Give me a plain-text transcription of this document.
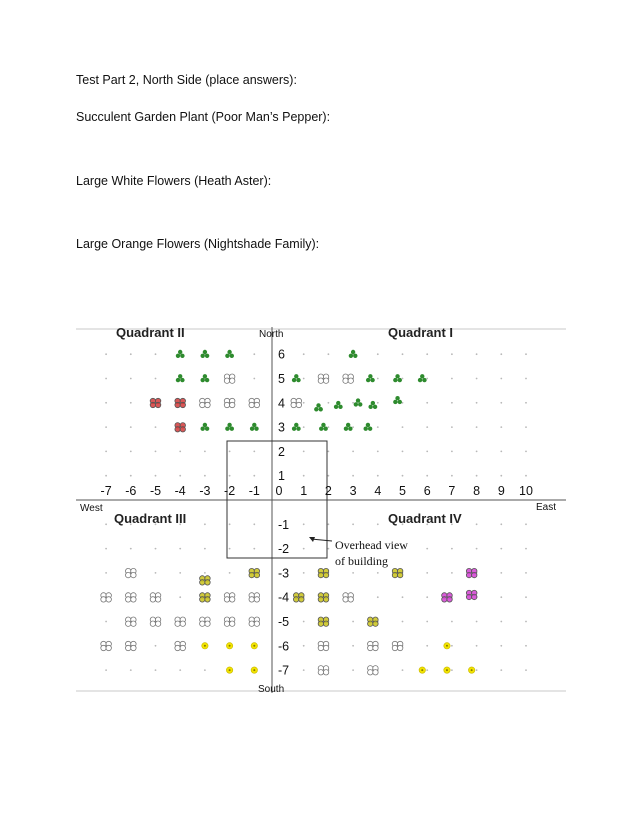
Test Part 2, North Side (place answers):
Succulent Garden Plant (Poor Man’s Pepper):
Large White Flowers (Heath Aster):
Large Orange Flowers (Nightshade Family):
Quadrant II	Quadrant I
Quadrant III	Quadrant IV
North
South
West	East
-7 -6 -5 -4 -3 -2 -1 0 1 2 3 4 5 6 7 8 9 10
6
5
4
3
2
1
-1
-2
-3
-4
-5
-6
-7
Overhead view
of building
